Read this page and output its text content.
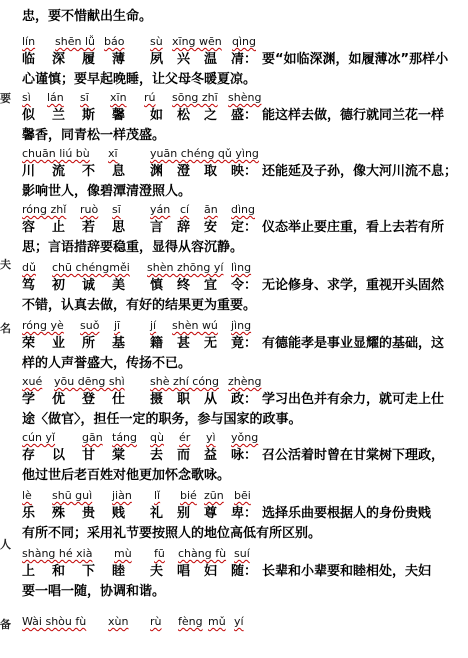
要
夫
名
人
备
忠，要不惜献出生命。
lín shēn lǚ báo sù xīng wēn qìng
临 深 履 薄 夙 兴 温 凊： 要“如临深渊，如履薄冰”那样小
心谨慎；要早起晚睡，让父母冬暖夏凉。
sì lán sī xīn rú sōng zhī shèng
似 兰 斯 馨 如 松 之 盛： 能这样去做，德行就同兰花一样
馨香，同青松一样茂盛。
chuān liú bù xī	yuān chéng qǔ yìng
川 流 不 息 渊 澄 取 映： 还能延及子孙，像大河川流不息；
影响世人，像碧潭清澄照人。
róng zhǐ ruò sī	yán cí ān dìng
容 止 若 思 言 辞 安 定： 仪态举止要庄重，看上去若有所
思；言语措辞要稳重，显得从容沉静。
dǔ chū chéngměi shèn zhōng yí lìng
笃 初 诚 美 慎 终 宜 令： 无论修身、求学，重视开头固然
不错，认真去做，有好的结果更为重要。
róng yè suǒ jī	jí shèn wú jìng
荣 业 所 基 籍 甚 无 竟： 有德能孝是事业显耀的基础，这
样的人声誉盛大，传扬不已。
xué yōu dēng shì shè zhí cóng zhèng
学 优 登 仕 摄 职 从 政： 学习出色并有余力，就可走上仕
途〈做官〉，担任一定的职务，参与国家的政事。
cún yǐ gān táng qù ér yì yǒng
存 以 甘 棠 去 而 益 咏： 召公活着时曾在甘棠树下理政，
他过世后老百姓对他更加怀念歌咏。
lè shū guì jiàn lǐ bié zūn bēi
乐 殊 贵 贱 礼 别 尊 卑： 选择乐曲要根据人的身份贵贱
有所不同；采用礼节要按照人的地位高低有所区别。
shàng hé xià mù fū chàng fù suí
上 和 下 睦 夫 唱 妇 随： 长辈和小辈要和睦相处，夫妇
要一唱一随，协调和谐。
Wài shòu fù xùn rù fèng mǔ yí
